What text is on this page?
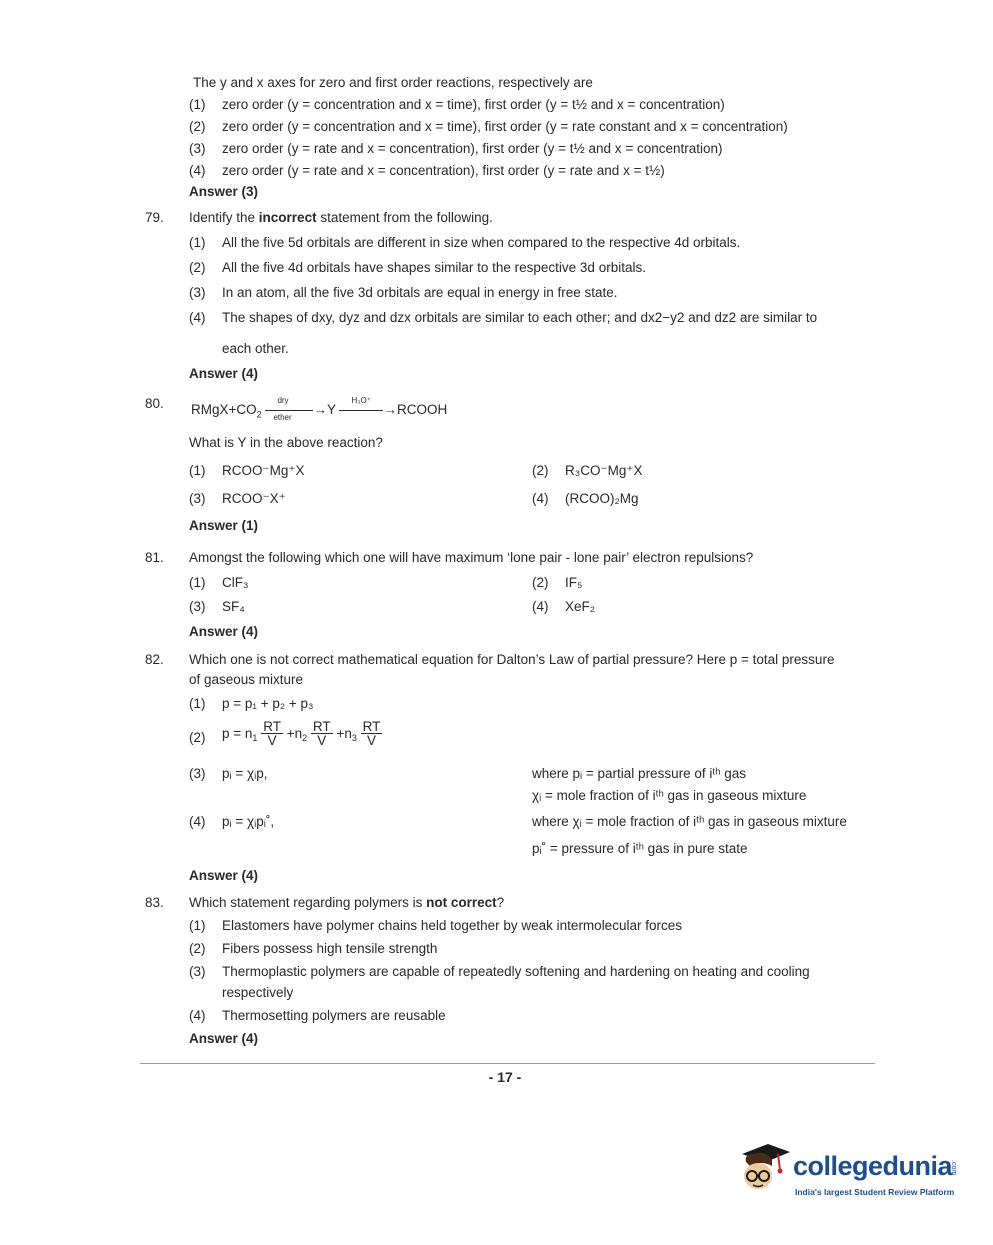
The y and x axes for zero and first order reactions, respectively are
(1) zero order (y = concentration and x = time), first order (y = t½ and x = concentration)
(2) zero order (y = concentration and x = time), first order (y = rate constant and x = concentration)
(3) zero order (y = rate and x = concentration), first order (y = t½ and x = concentration)
(4) zero order (y = rate and x = concentration), first order (y = rate and x = t½)
Answer (3)
79. Identify the incorrect statement from the following.
(1) All the five 5d orbitals are different in size when compared to the respective 4d orbitals.
(2) All the five 4d orbitals have shapes similar to the respective 3d orbitals.
(3) In an atom, all the five 3d orbitals are equal in energy in free state.
(4) The shapes of dxy, dyz and dzx orbitals are similar to each other; and dx2−y2 and dz2 are similar to
each other.
Answer (4)
80. $RMgX+CO_2$
dry
ether
→Y
H₃O⁺
→RCOOH
What is Y in the above reaction?
(1) RCOO⁻Mg⁺X	(2) R₃CO⁻Mg⁺X
(3) RCOO⁻X⁺	(4) (RCOO)₂Mg
Answer (1)
81. Amongst the following which one will have maximum ‘lone pair - lone pair’ electron repulsions?
(1) ClF₃	(2) IF₅
(3) SF₄	(4) XeF₂
Answer (4)
82. Which one is not correct mathematical equation for Dalton’s Law of partial pressure? Here p = total pressure
of gaseous mixture
(1) p = p₁ + p₂ + p₃
(2) $p = n_1 \frac{RT}{V} +n_2 \frac{RT}{V} +n_3 \frac{RT}{V}$
(3) pᵢ = χᵢp,	where pᵢ = partial pressure of iᵗʰ gas
χᵢ = mole fraction of iᵗʰ gas in gaseous mixture
(4) pᵢ = χᵢpᵢ˚,	where χᵢ = mole fraction of iᵗʰ gas in gaseous mixture
pᵢ˚ = pressure of iᵗʰ gas in pure state
Answer (4)
83. Which statement regarding polymers is not correct?
(1) Elastomers have polymer chains held together by weak intermolecular forces
(2) Fibers possess high tensile strength
(3) Thermoplastic polymers are capable of repeatedly softening and hardening on heating and cooling
respectively
(4) Thermosetting polymers are reusable
Answer (4)
- 17 -
collegedunia
.com
India's largest Student Review Platform
